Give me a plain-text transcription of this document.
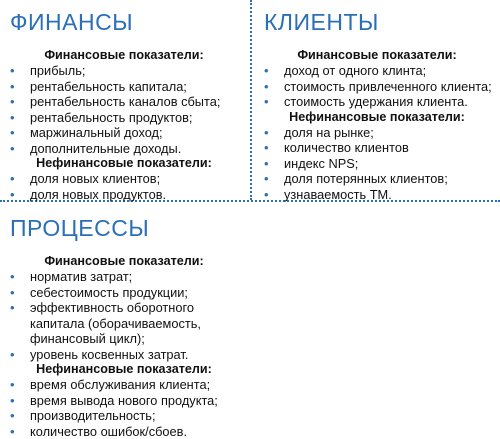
ФИНАНСЫ
Финансовые показатели:
• прибыль;
• рентабельность капитала;
• рентабельность каналов сбыта;
• рентабельность продуктов;
• маржинальный доход;
• дополнительные доходы.
Нефинансовые показатели:
• доля новых клиентов;
• доля новых продуктов.
КЛИЕНТЫ
Финансовые показатели:
• доход от одного клинта;
• стоимость привлеченного клиента;
• стоимость удержания клиента.
Нефинансовые показатели:
• доля на рынке;
• количество клиентов
• индекс NPS;
• доля потерянных клиентов;
• узнаваемость ТМ.
ПРОЦЕССЫ
Финансовые показатели:
• норматив затрат;
• себестоимость продукции;
• эффективность оборотного
капитала (оборачиваемость,
финансовый цикл);
• уровень косвенных затрат.
Нефинансовые показатели:
• время обслуживания клиента;
• время вывода нового продукта;
• производительность;
• количество ошибок/сбоев.
